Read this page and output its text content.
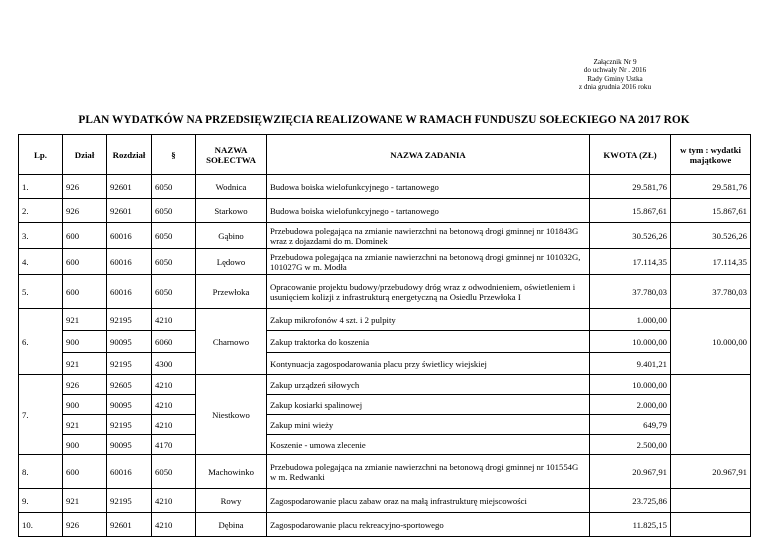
Załącznik Nr 9
do uchwały Nr . 2016
Rady Gminy Ustka
z dnia grudnia 2016 roku
PLAN WYDATKÓW NA PRZEDSIĘWZIĘCIA REALIZOWANE W RAMACH FUNDUSZU SOŁECKIEGO NA 2017 ROK
Lp.	Dział	Rozdział	§	NAZWA SOŁECTWA	NAZWA ZADANIA	KWOTA (ZŁ)	w tym : wydatki majątkowe
1.	926	92601	6050	Wodnica	Budowa boiska wielofunkcyjnego - tartanowego	29.581,76	29.581,76
2.	926	92601	6050	Starkowo	Budowa boiska wielofunkcyjnego - tartanowego	15.867,61	15.867,61
3.	600	60016	6050	Gąbino	Przebudowa polegająca na zmianie nawierzchni na betonową drogi gminnej nr 101843G wraz z dojazdami do m. Dominek	30.526,26	30.526,26
4.	600	60016	6050	Lędowo	Przebudowa polegająca na zmianie nawierzchni na betonową drogi gminnej nr 101032G, 101027G w m. Modła	17.114,35	17.114,35
5.	600	60016	6050	Przewłoka	Opracowanie projektu budowy/przebudowy dróg wraz z odwodnieniem, oświetleniem i usunięciem kolizji z infrastrukturą energetyczną na Osiedlu Przewłoka I	37.780,03	37.780,03
6.	921	92195	4210	Charnowo	Zakup mikrofonów 4 szt. i 2 pulpity	1.000,00	10.000,00
	900	90095	6060		Zakup traktorka do koszenia	10.000,00	
	921	92195	4300		Kontynuacja zagospodarowania placu przy świetlicy wiejskiej	9.401,21	
7.	926	92605	4210	Niestkowo	Zakup urządzeń siłowych	10.000,00	
	900	90095	4210		Zakup kosiarki spalinowej	2.000,00	
	921	92195	4210		Zakup mini wieży	649,79	
	900	90095	4170		Koszenie - umowa zlecenie	2.500,00	
8.	600	60016	6050	Machowinko	Przebudowa polegająca na zmianie nawierzchni na betonową drogi gminnej nr 101554G w m. Redwanki	20.967,91	20.967,91
9.	921	92195	4210	Rowy	Zagospodarowanie placu zabaw oraz na małą infrastrukturę miejscowości	23.725,86	
10.	926	92601	4210	Dębina	Zagospodarowanie placu rekreacyjno-sportowego	11.825,15	
